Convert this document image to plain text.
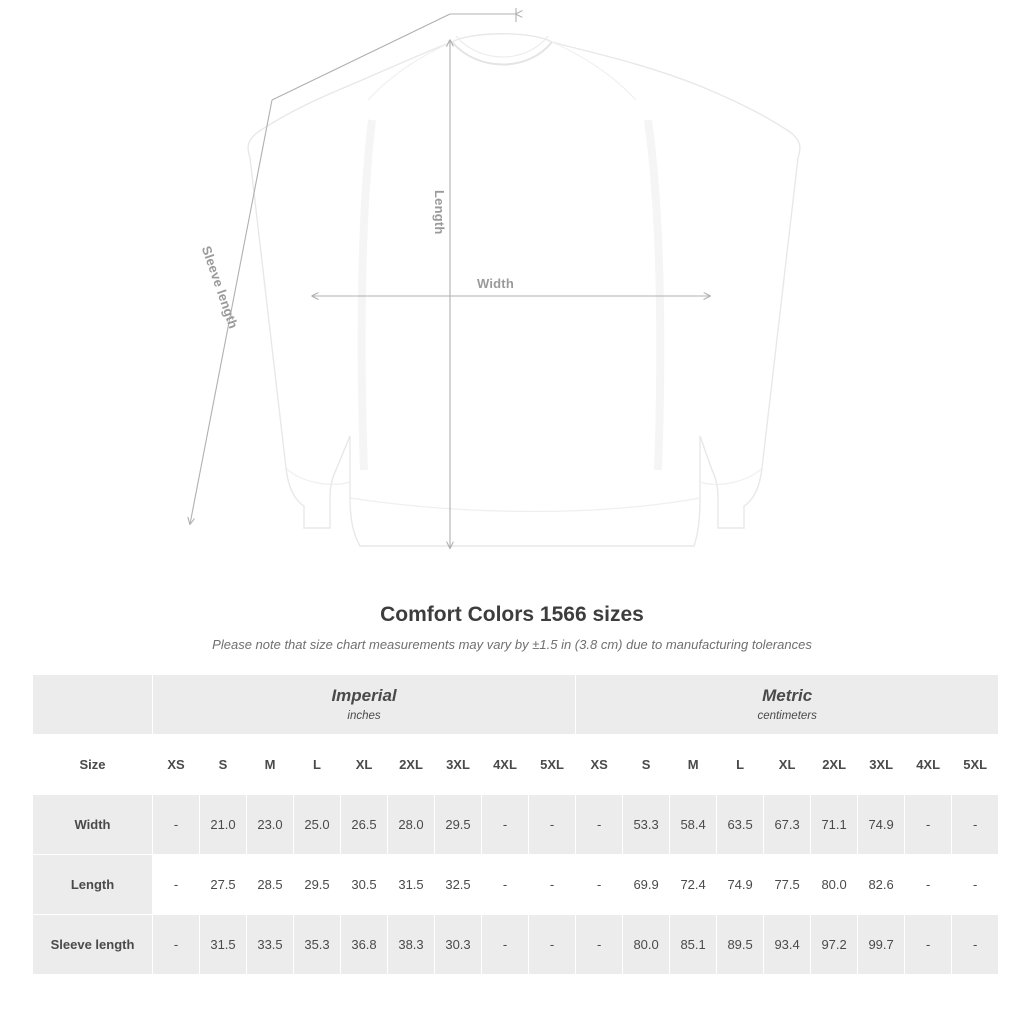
Length
Width
Sleeve length
Comfort Colors 1566 sizes

Please note that size chart measurements may vary by ±1.5 in (3.8 cm) due to manufacturing tolerances

	Imperial
inches									Metric
centimeters								

Size	XS	S	M	L	XL	2XL	3XL	4XL	5XL	XS	S	M	L	XL	2XL	3XL	4XL	5XL
Width	-	21.0	23.0	25.0	26.5	28.0	29.5	-	-	-	53.3	58.4	63.5	67.3	71.1	74.9	-	-
Length	-	27.5	28.5	29.5	30.5	31.5	32.5	-	-	-	69.9	72.4	74.9	77.5	80.0	82.6	-	-
Sleeve length	-	31.5	33.5	35.3	36.8	38.3	30.3	-	-	-	80.0	85.1	89.5	93.4	97.2	99.7	-	-
